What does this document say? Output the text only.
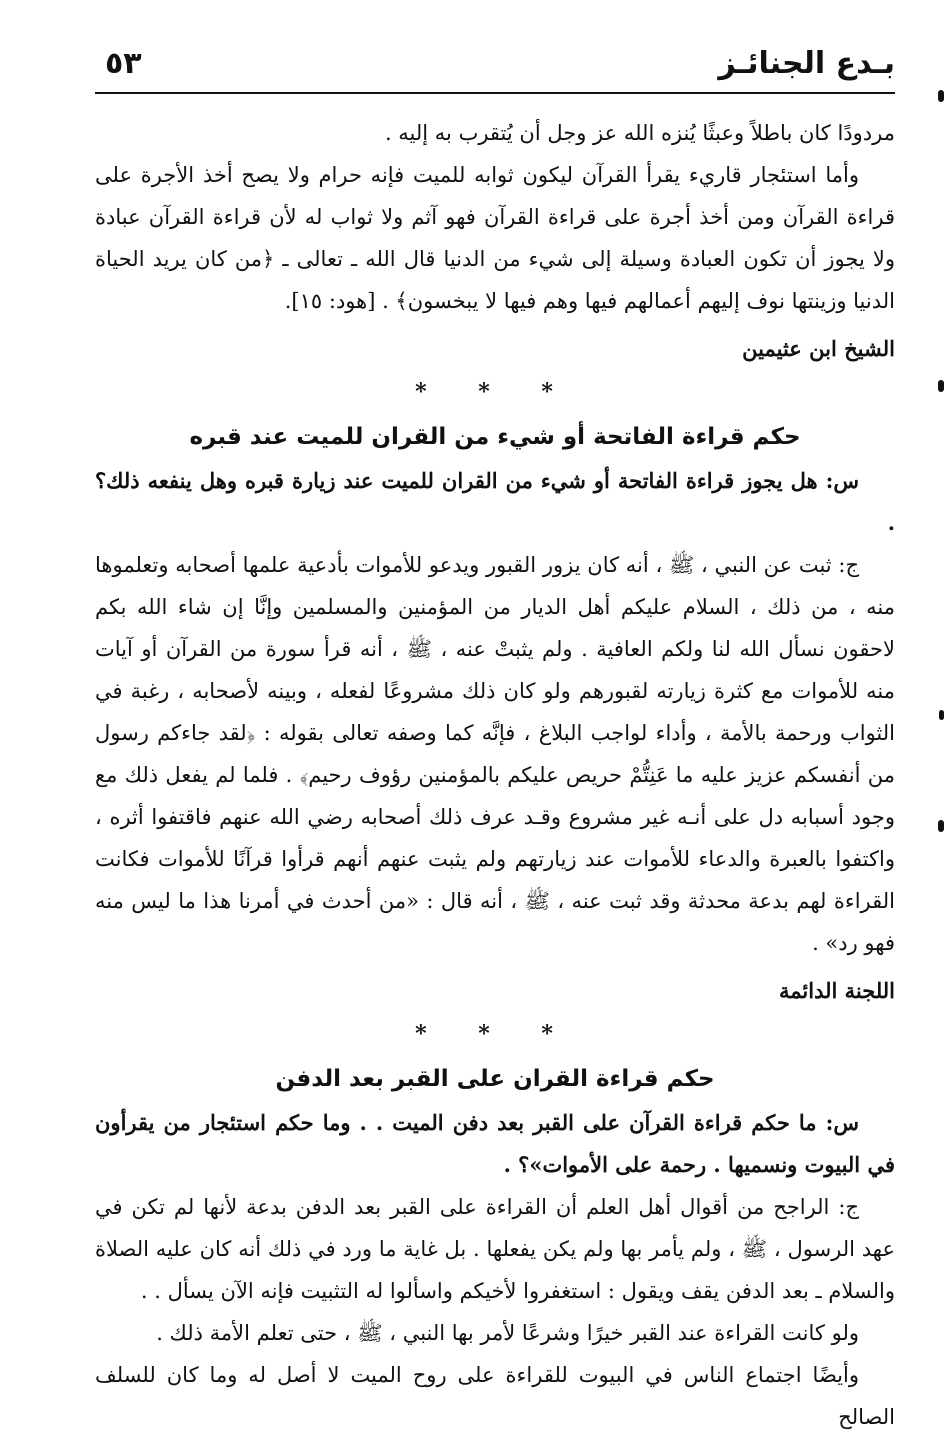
بـدع الجنائـز
٥٣

مردودًا كان باطلاً وعبثًا يُنزه الله عز وجل أن يُتقرب به إليه .

وأما استئجار قاريء يقرأ القرآن ليكون ثوابه للميت فإنه حرام ولا يصح أخذ الأجرة على قراءة القرآن ومن أخذ أجرة على قراءة القرآن فهو آثم ولا ثواب له لأن قراءة القرآن عبادة ولا يجوز أن تكون العبادة وسيلة إلى شيء من الدنيا قال الله ـ تعالى ـ ﴿من كان يريد الحياة الدنيا وزينتها نوف إليهم أعمالهم فيها وهم فيها لا يبخسون﴾ . [هود: ١٥].

الشيخ ابن عثيمين
* * *
حكم قراءة الفاتحة أو شيء من القران للميت عند قبره

س: هل يجوز قراءة الفاتحة أو شيء من القران للميت عند زيارة قبره وهل ينفعه ذلك؟ .

ج: ثبت عن النبي ، ﷺ ، أنه كان يزور القبور ويدعو للأموات بأدعية علمها أصحابه وتعلموها منه ، من ذلك ، السلام عليكم أهل الديار من المؤمنين والمسلمين وإنَّا إن شاء الله بكم لاحقون نسأل الله لنا ولكم العافية . ولم يثبتْ عنه ، ﷺ ، أنه قرأ سورة من القرآن أو آيات منه للأموات مع كثرة زيارته لقبورهم ولو كان ذلك مشروعًا لفعله ، وبينه لأصحابه ، رغبة في الثواب ورحمة بالأمة ، وأداء لواجب البلاغ ، فإنَّه كما وصفه تعالى بقوله : ﴿لقد جاءكم رسول من أنفسكم عزيز عليه ما عَنِتُّمْ حريص عليكم بالمؤمنين رؤوف رحيم﴾ . فلما لم يفعل ذلك مع وجود أسبابه دل على أنـه غير مشروع وقـد عرف ذلك أصحابه رضي الله عنهم فاقتفوا أثره ، واكتفوا بالعبرة والدعاء للأموات عند زيارتهم ولم يثبت عنهم أنهم قرأوا قرآنًا للأموات فكانت القراءة لهم بدعة محدثة وقد ثبت عنه ، ﷺ ، أنه قال : «من أحدث في أمرنا هذا ما ليس منه فهو رد» .

اللجنة الدائمة
* * *
حكم قراءة القران على القبر بعد الدفن

س: ما حكم قراءة القرآن على القبر بعد دفن الميت . . وما حكم استئجار من يقرأون في البيوت ونسميها . رحمة على الأموات»؟ .

ج: الراجح من أقوال أهل العلم أن القراءة على القبر بعد الدفن بدعة لأنها لم تكن في عهد الرسول ، ﷺ ، ولم يأمر بها ولم يكن يفعلها . بل غاية ما ورد في ذلك أنه كان عليه الصلاة والسلام ـ بعد الدفن يقف ويقول : استغفروا لأخيكم واسألوا له التثبيت فإنه الآن يسأل . .

ولو كانت القراءة عند القبر خيرًا وشرعًا لأمر بها النبي ، ﷺ ، حتى تعلم الأمة ذلك .

وأيضًا اجتماع الناس في البيوت للقراءة على روح الميت لا أصل له وما كان للسلف الصالح
